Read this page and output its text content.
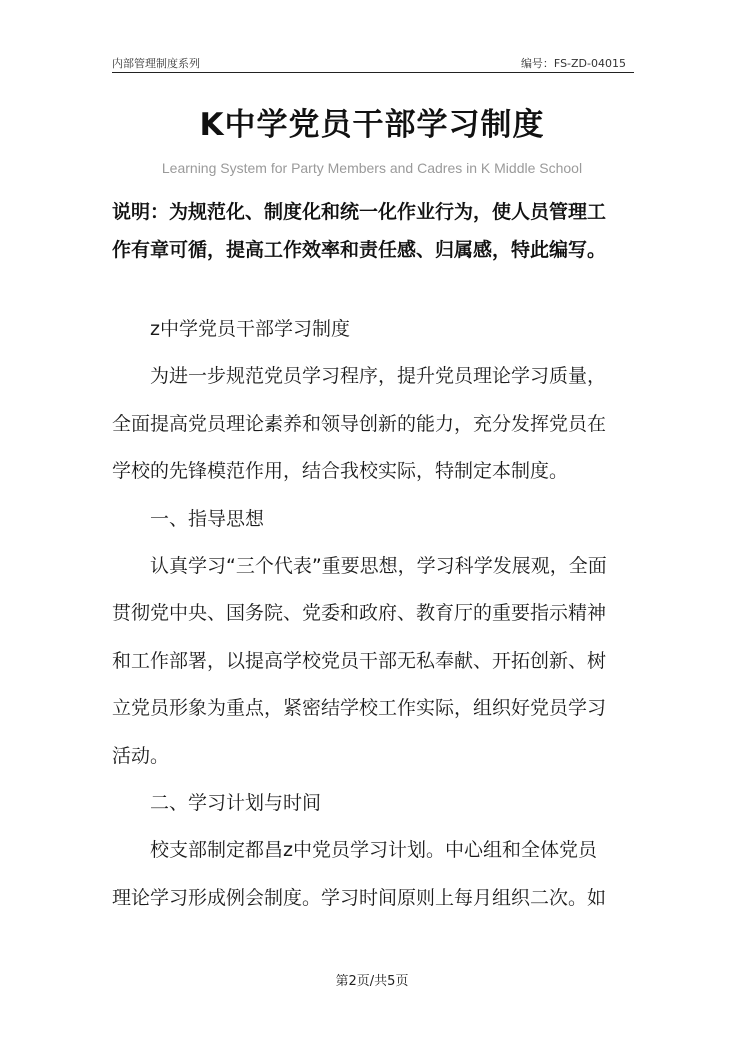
内部管理制度系列	编号：FS-ZD-04015
K中学党员干部学习制度
Learning System for Party Members and Cadres in K Middle School
说明：为规范化、制度化和统一化作业行为，使人员管理工
作有章可循，提高工作效率和责任感、归属感，特此编写。
z中学党员干部学习制度
为进一步规范党员学习程序，提升党员理论学习质量，
全面提高党员理论素养和领导创新的能力，充分发挥党员在
学校的先锋模范作用，结合我校实际，特制定本制度。
一、指导思想
认真学习“三个代表”重要思想，学习科学发展观，全面
贯彻党中央、国务院、党委和政府、教育厅的重要指示精神
和工作部署，以提高学校党员干部无私奉献、开拓创新、树
立党员形象为重点，紧密结学校工作实际，组织好党员学习
活动。
二、学习计划与时间
校支部制定都昌z中党员学习计划。中心组和全体党员
理论学习形成例会制度。学习时间原则上每月组织二次。如
第2页/共5页
